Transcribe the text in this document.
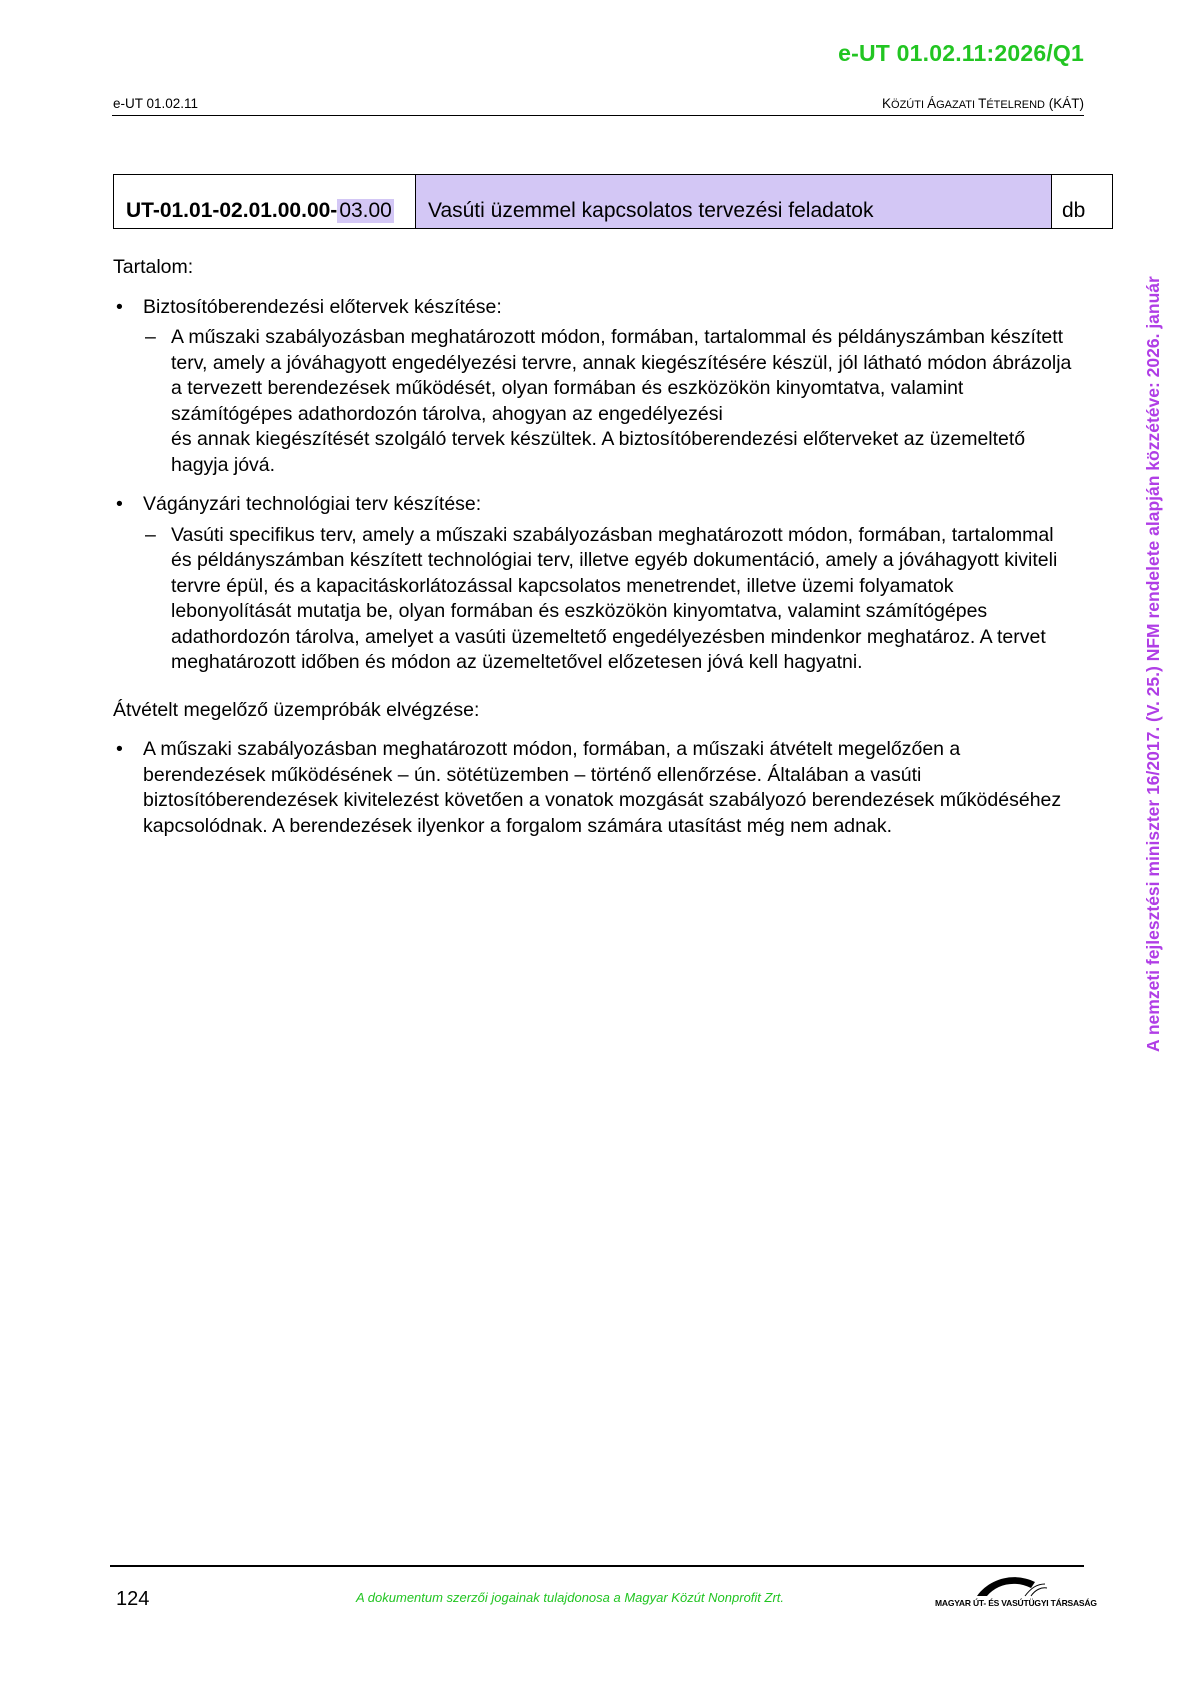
e-UT 01.02.11:2026/Q1
e-UT 01.02.11	KÖZÚTI ÁGAZATI TÉTELREND (KÁT)
UT-01.01-02.01.00.00- 03.00	Vasúti üzemmel kapcsolatos tervezési feladatok	db

Tartalom:

• Biztosítóberendezési előtervek készítése:
– A műszaki szabályozásban meghatározott módon, formában, tartalommal és példányszámban készített terv, amely a jóváhagyott engedélyezési tervre, annak kiegészítésére készül, jól látható módon ábrázolja a tervezett berendezések működését, olyan formában és eszközökön kinyomtatva, valamint számítógépes adathordozón tárolva, ahogyan az engedélyezési
és annak kiegészítését szolgáló tervek készültek. A biztosítóberendezési előterveket az üzemeltető hagyja jóvá.
• Vágányzári technológiai terv készítése:
– Vasúti specifikus terv, amely a műszaki szabályozásban meghatározott módon, formában, tartalommal és példányszámban készített technológiai terv, illetve egyéb dokumentáció, amely a jóváhagyott kiviteli tervre épül, és a kapacitáskorlátozással kapcsolatos menetrendet, illetve üzemi folyamatok lebonyolítását mutatja be, olyan formában és eszközökön kinyomtatva, valamint számítógépes adathordozón tárolva, amelyet a vasúti üzemeltető engedélyezésben mindenkor meghatároz. A tervet meghatározott időben és módon az üzemeltetővel előzetesen jóvá kell hagyatni.

Átvételt megelőző üzempróbák elvégzése:

• A műszaki szabályozásban meghatározott módon, formában, a műszaki átvételt megelőzően a berendezések működésének – ún. sötétüzemben – történő ellenőrzése. Általában a vasúti biztosítóberendezések kivitelezést követően a vonatok mozgását szabályozó berendezések működéséhez kapcsolódnak. A berendezések ilyenkor a forgalom számára utasítást még nem adnak.	A nemzeti fejlesztési miniszter 16/2017. (V. 25.) NFM rendelete alapján közzétéve: 2026. január
124	A dokumentum szerzői jogainak tulajdonosa a Magyar Közút Nonprofit Zrt.	MAGYAR ÚT- ÉS VASÚTÜGYI TÁRSASÁG
